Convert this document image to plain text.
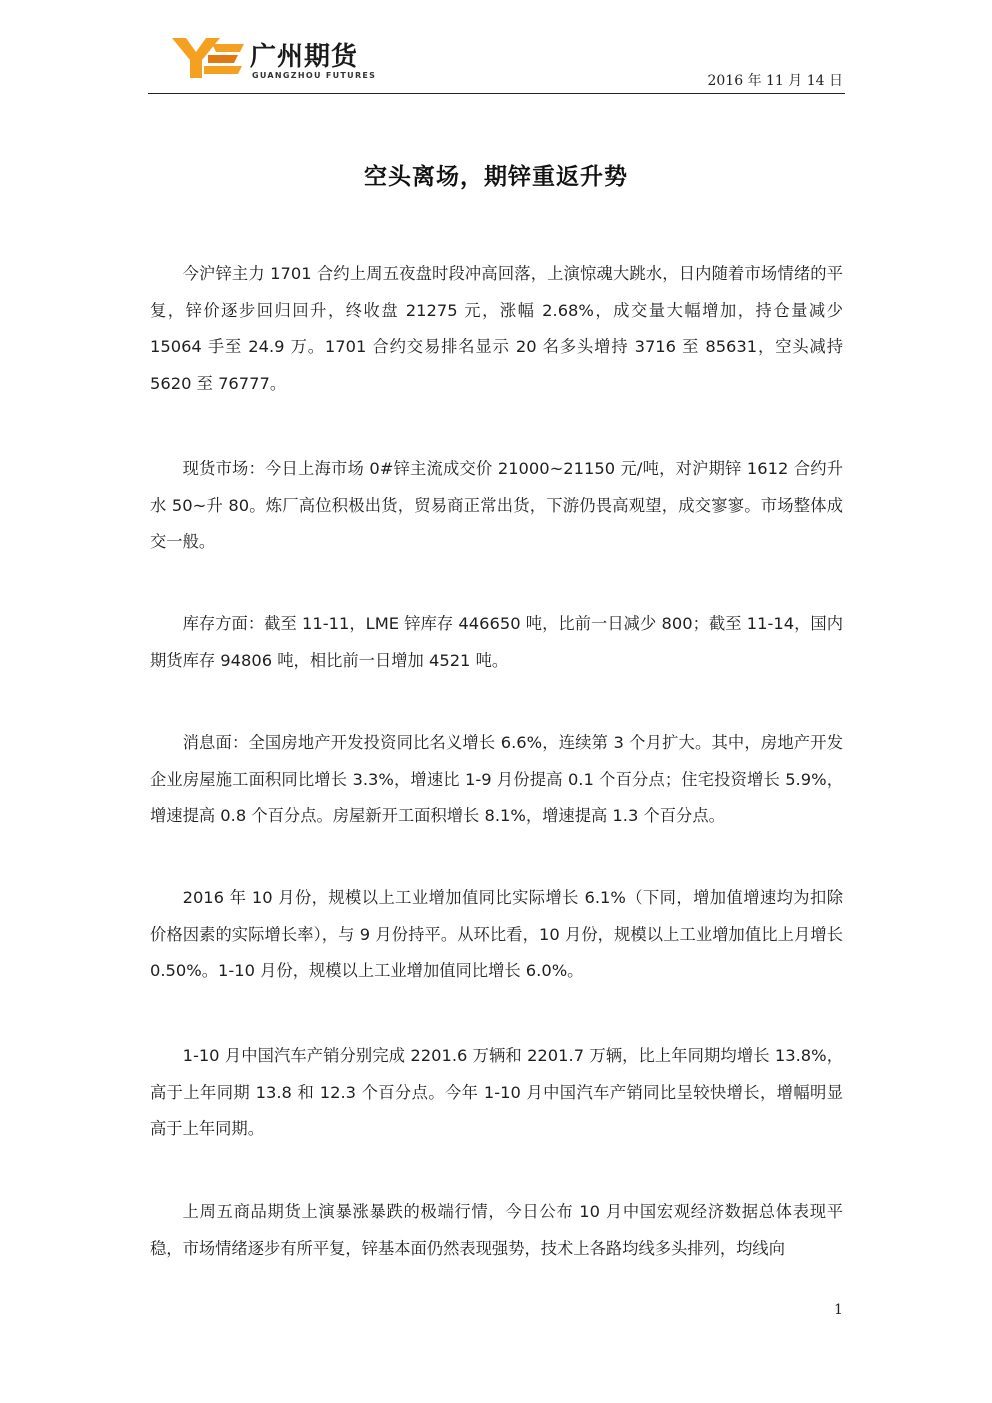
广州期货
GUANGZHOU FUTURES	2016 年 11 月 14 日
空头离场，期锌重返升势

今沪锌主力 1701 合约上周五夜盘时段冲高回落，上演惊魂大跳水，日内随着市场情绪的平复，锌价逐步回归回升，终收盘 21275 元，涨幅 2.68%，成交量大幅增加，持仓量减少 15064 手至 24.9 万。1701 合约交易排名显示 20 名多头增持 3716 至 85631，空头减持 5620 至 76777。

现货市场：今日上海市场 0#锌主流成交价 21000~21150 元/吨，对沪期锌 1612 合约升水 50~升 80。炼厂高位积极出货，贸易商正常出货，下游仍畏高观望，成交寥寥。市场整体成交一般。

库存方面：截至 11-11，LME 锌库存 446650 吨，比前一日减少 800；截至 11-14，国内期货库存 94806 吨，相比前一日增加 4521 吨。

消息面：全国房地产开发投资同比名义增长 6.6%，连续第 3 个月扩大。其中，房地产开发企业房屋施工面积同比增长 3.3%，增速比 1-9 月份提高 0.1 个百分点；住宅投资增长 5.9%，增速提高 0.8 个百分点。房屋新开工面积增长 8.1%，增速提高 1.3 个百分点。

2016 年 10 月份，规模以上工业增加值同比实际增长 6.1%（下同，增加值增速均为扣除价格因素的实际增长率），与 9 月份持平。从环比看，10 月份，规模以上工业增加值比上月增长 0.50%。1-10 月份，规模以上工业增加值同比增长 6.0%。

1-10 月中国汽车产销分别完成 2201.6 万辆和 2201.7 万辆，比上年同期均增长 13.8%，高于上年同期 13.8 和 12.3 个百分点。今年 1-10 月中国汽车产销同比呈较快增长，增幅明显高于上年同期。

上周五商品期货上演暴涨暴跌的极端行情，今日公布 10 月中国宏观经济数据总体表现平稳，市场情绪逐步有所平复，锌基本面仍然表现强势，技术上各路均线多头排列，均线向

1
